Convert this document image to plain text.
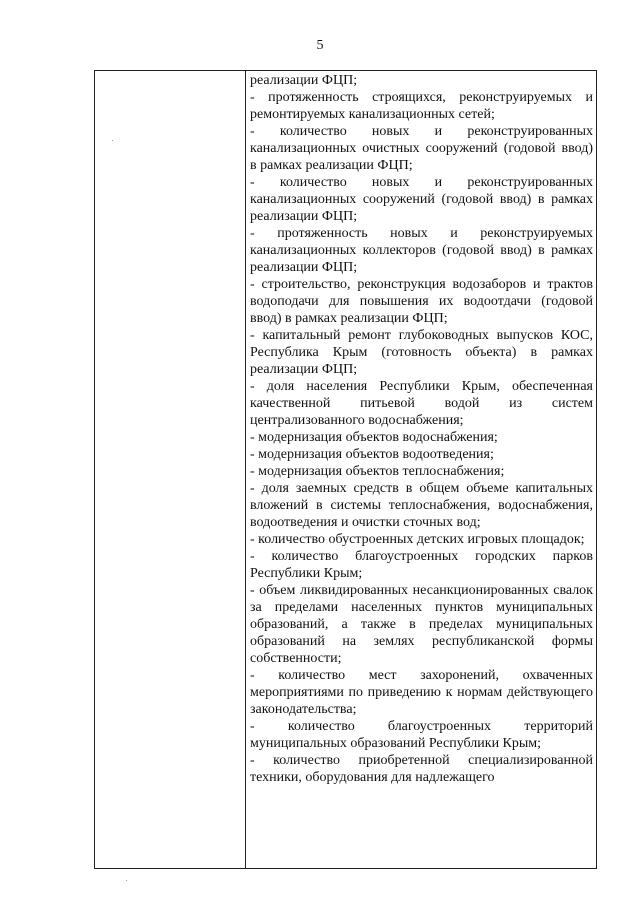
5

реализации ФЦП;

- протяженность строящихся, реконструируемых и ремонтируемых канализационных сетей;

- количество новых и реконструированных канализационных очистных сооружений (годовой ввод) в рамках реализации ФЦП;

- количество новых и реконструированных канализационных сооружений (годовой ввод) в рамках реализации ФЦП;

- протяженность новых и реконструируемых канализационных коллекторов (годовой ввод) в рамках реализации ФЦП;

- строительство, реконструкция водозаборов и трактов водоподачи для повышения их водоотдачи (годовой ввод) в рамках реализации ФЦП;

- капитальный ремонт глубоководных выпусков КОС, Республика Крым (готовность объекта) в рамках реализации ФЦП;

- доля населения Республики Крым, обеспеченная качественной питьевой водой из систем централизованного водоснабжения;

- модернизация объектов водоснабжения;

- модернизация объектов водоотведения;

- модернизация объектов теплоснабжения;

- доля заемных средств в общем объеме капитальных вложений в системы теплоснабжения, водоснабжения, водоотведения и очистки сточных вод;

- количество обустроенных детских игровых площадок;

- количество благоустроенных городских парков Республики Крым;

- объем ликвидированных несанкционированных свалок за пределами населенных пунктов муниципальных образований, а также в пределах муниципальных образований на землях республиканской формы собственности;

- количество мест захоронений, охваченных мероприятиями по приведению к нормам действующего законодательства;

- количество благоустроенных территорий муниципальных образований Республики Крым;

- количество приобретенной специализированной техники, оборудования для надлежащего
